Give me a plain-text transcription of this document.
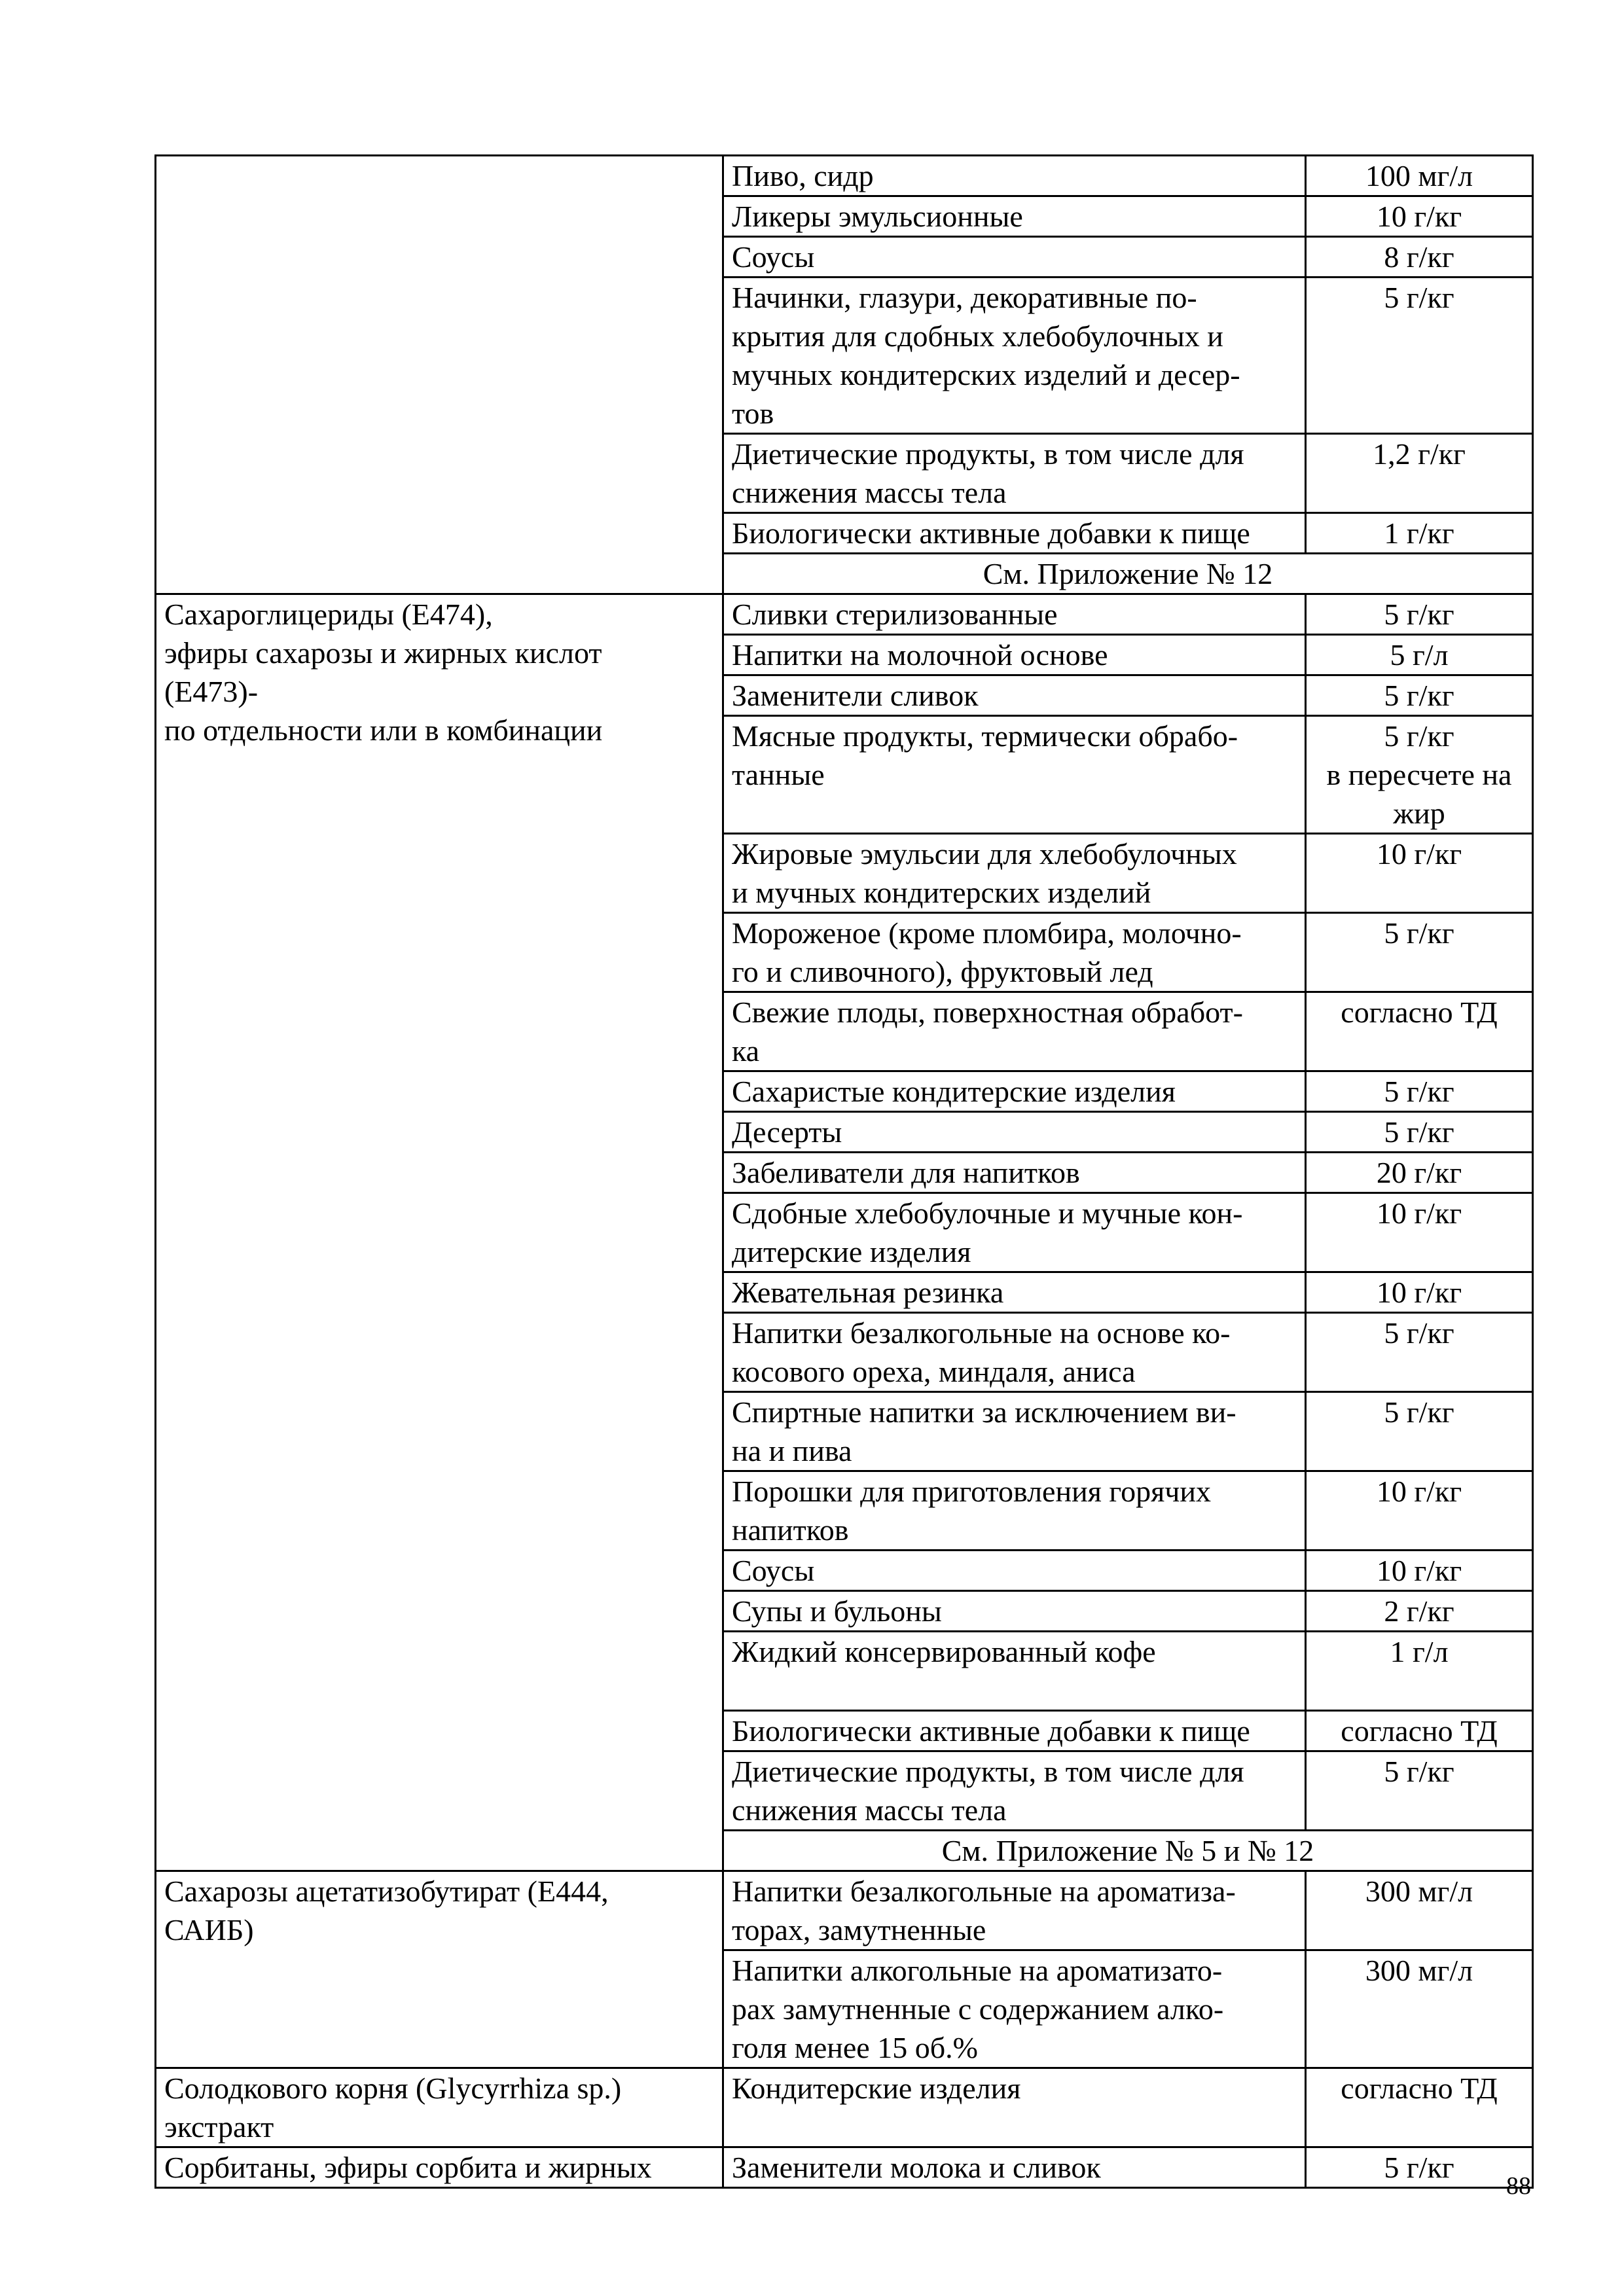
	Пиво, сидр	100 мг/л
	Ликеры эмульсионные	10 г/кг
	Соусы	8 г/кг
	Начинки, глазури, декоративные по-
крытия для сдобных хлебобулочных и
мучных кондитерских изделий и десер-
тов	5 г/кг
	Диетические продукты, в том числе для
снижения массы тела	1,2 г/кг
	Биологически активные добавки к пище	1 г/кг
	См. Приложение № 12	
Сахароглицериды (E474),
эфиры сахарозы и жирных кислот
(E473)-
по отдельности или в комбинации	Сливки стерилизованные	5 г/кг
	Напитки на молочной основе	5 г/л
	Заменители сливок	5 г/кг
	Мясные продукты, термически обрабо-
танные	5 г/кг
в пересчете на
жир
	Жировые эмульсии для хлебобулочных
и мучных кондитерских изделий	10 г/кг
	Мороженое (кроме пломбира, молочно-
го и сливочного), фруктовый лед	5 г/кг
	Свежие плоды, поверхностная обработ-
ка	согласно ТД
	Сахаристые кондитерские изделия	5 г/кг
	Десерты	5 г/кг
	Забеливатели для напитков	20 г/кг
	Сдобные хлебобулочные и мучные кон-
дитерские изделия	10 г/кг
	Жевательная резинка	10 г/кг
	Напитки безалкогольные на основе ко-
косового ореха, миндаля, аниса	5 г/кг
	Спиртные напитки за исключением ви-
на и пива	5 г/кг
	Порошки для приготовления горячих
напитков	10 г/кг
	Соусы	10 г/кг
	Супы и бульоны	2 г/кг
	Жидкий консервированный кофе	1 г/л
	Биологически активные добавки к пище	согласно ТД
	Диетические продукты, в том числе для
снижения массы тела	5 г/кг
	См. Приложение № 5 и № 12	
Сахарозы ацетатизобутират (E444,
САИБ)	Напитки безалкогольные на ароматиза-
торах, замутненные	300 мг/л
	Напитки алкогольные на ароматизато-
рах замутненные с содержанием алко-
голя менее 15 об.%	300 мг/л
Солодкового корня (Glycyrrhiza sp.)
экстракт	Кондитерские изделия	согласно ТД
Сорбитаны, эфиры сорбита и жирных	Заменители молока и сливок	5 г/кг
88
